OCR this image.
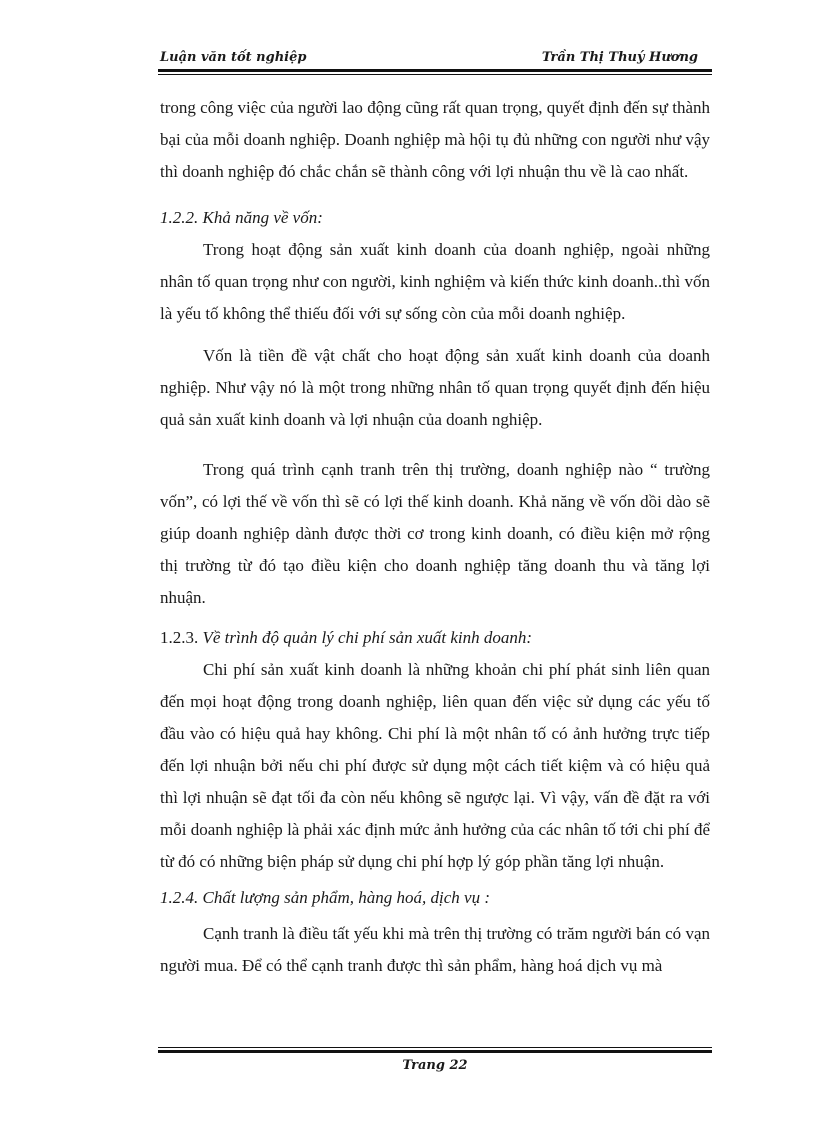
Luận văn tốt nghiệp	Trần Thị Thuý Hương

trong công việc của người lao động cũng rất quan trọng, quyết định đến sự thành bại của mỗi doanh nghiệp. Doanh nghiệp mà hội tụ đủ những con người như vậy thì doanh nghiệp đó chắc chắn sẽ thành công với lợi nhuận thu về là cao nhất.

1.2.2. Khả năng về vốn:

Trong hoạt động sản xuất kinh doanh của doanh nghiệp, ngoài những nhân tố quan trọng như con người, kinh nghiệm và kiến thức kinh doanh..thì vốn là yếu tố không thể thiếu đối với sự sống còn của mỗi doanh nghiệp.

Vốn là tiền đề vật chất cho hoạt động sản xuất kinh doanh của doanh nghiệp. Như vậy nó là một trong những nhân tố quan trọng quyết định đến hiệu quả sản xuất kinh doanh và lợi nhuận của doanh nghiệp.

Trong quá trình cạnh tranh trên thị trường, doanh nghiệp nào “ trường vốn”, có lợi thế về vốn thì sẽ có lợi thế kinh doanh. Khả năng về vốn dồi dào sẽ giúp doanh nghiệp dành được thời cơ trong kinh doanh, có điều kiện mở rộng thị trường từ đó tạo điều kiện cho doanh nghiệp tăng doanh thu và tăng lợi nhuận.

1.2.3. Về trình độ quản lý chi phí sản xuất kinh doanh:

Chi phí sản xuất kinh doanh là những khoản chi phí phát sinh liên quan đến mọi hoạt động trong doanh nghiệp, liên quan đến việc sử dụng các yếu tố đầu vào có hiệu quả hay không. Chi phí là một nhân tố có ảnh hưởng trực tiếp đến lợi nhuận bởi nếu chi phí được sử dụng một cách tiết kiệm và có hiệu quả thì lợi nhuận sẽ đạt tối đa còn nếu không sẽ ngược lại. Vì vậy, vấn đề đặt ra với mỗi doanh nghiệp là phải xác định mức ảnh hưởng của các nhân tố tới chi phí để từ đó có những biện pháp sử dụng chi phí hợp lý góp phần tăng lợi nhuận.

1.2.4. Chất lượng sản phẩm, hàng hoá, dịch vụ :

Cạnh tranh là điều tất yếu khi mà trên thị trường có trăm người bán có vạn người mua. Để có thể cạnh tranh được thì sản phẩm, hàng hoá dịch vụ mà

Trang 22
